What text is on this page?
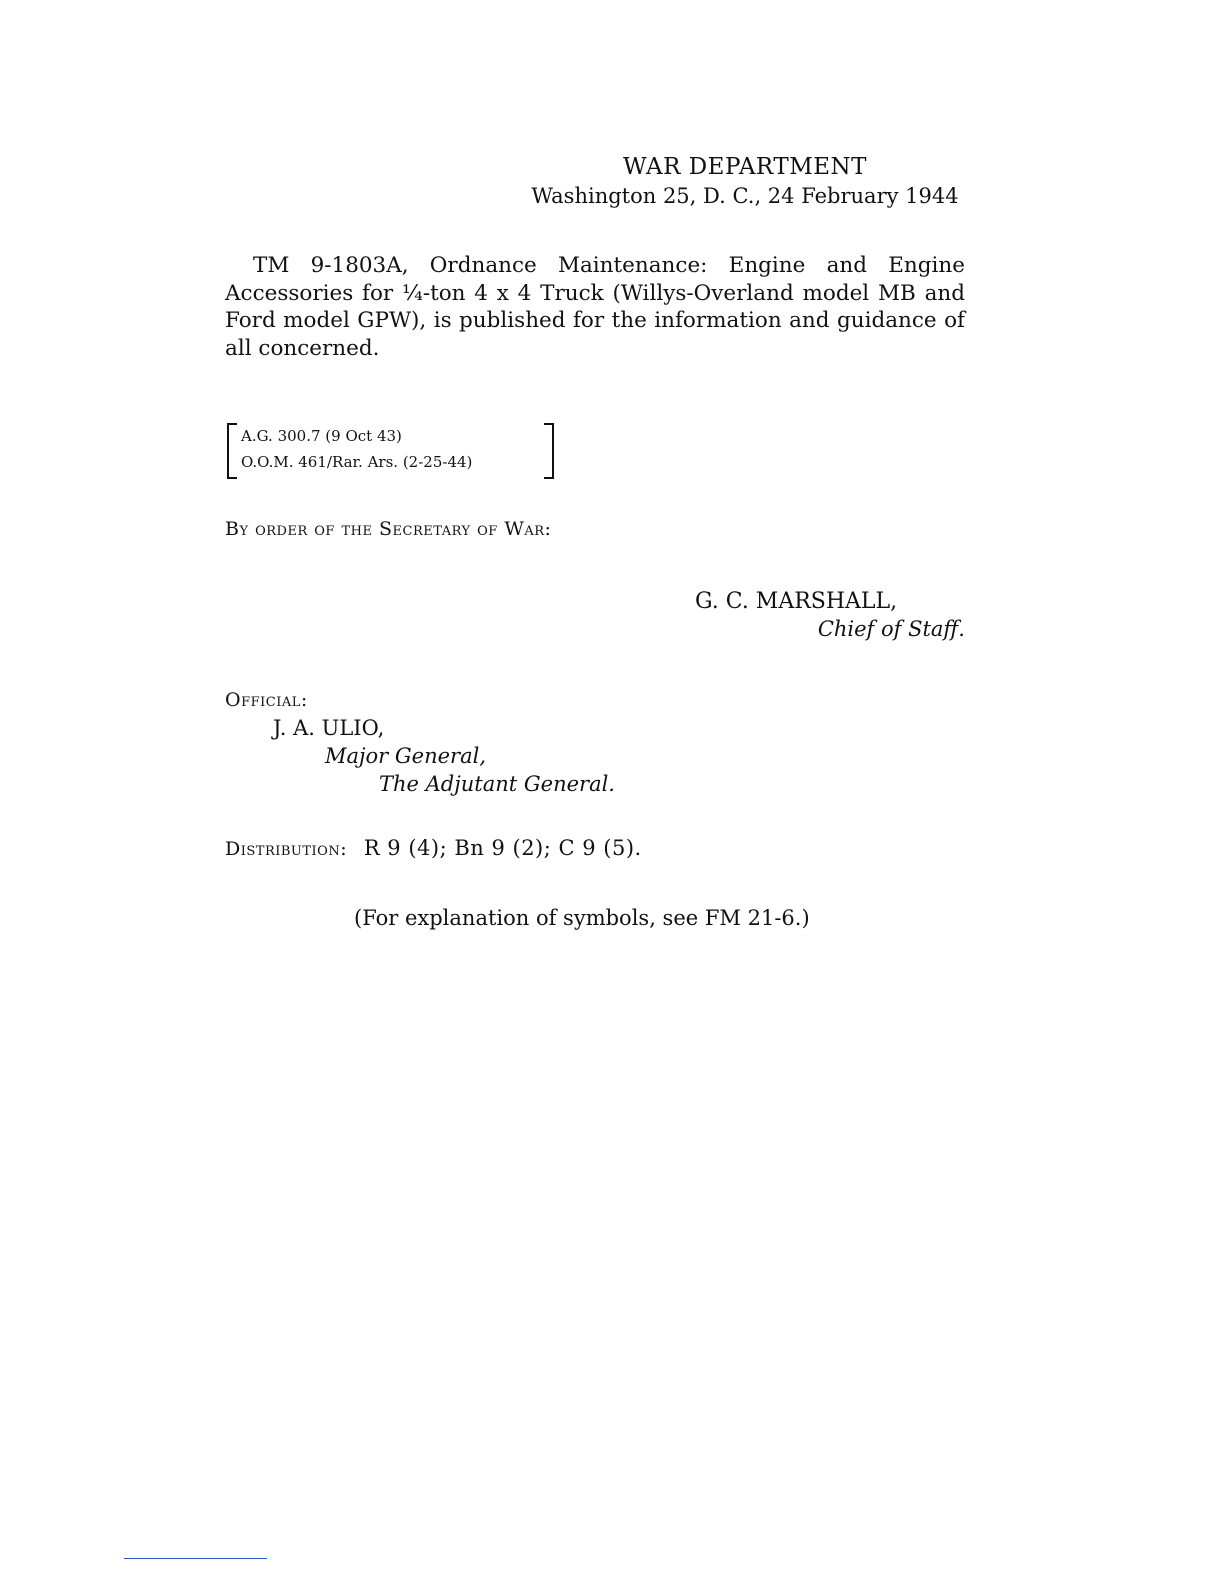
WAR DEPARTMENT
Washington 25, D. C., 24 February 1944
TM 9-1803A, Ordnance Maintenance: Engine and Engine Accessories for ¼-ton 4 x 4 Truck (Willys-Overland model MB and Ford model GPW), is published for the information and guidance of all concerned.
A.G. 300.7 (9 Oct 43)
O.O.M. 461/Rar. Ars. (2-25-44)
By order of the Secretary of War:
G. C. MARSHALL,
Chief of Staff.
Official:
J. A. ULIO,
Major General,
The Adjutant General.
Distribution: R 9 (4); Bn 9 (2); C 9 (5).
(For explanation of symbols, see FM 21-6.)
